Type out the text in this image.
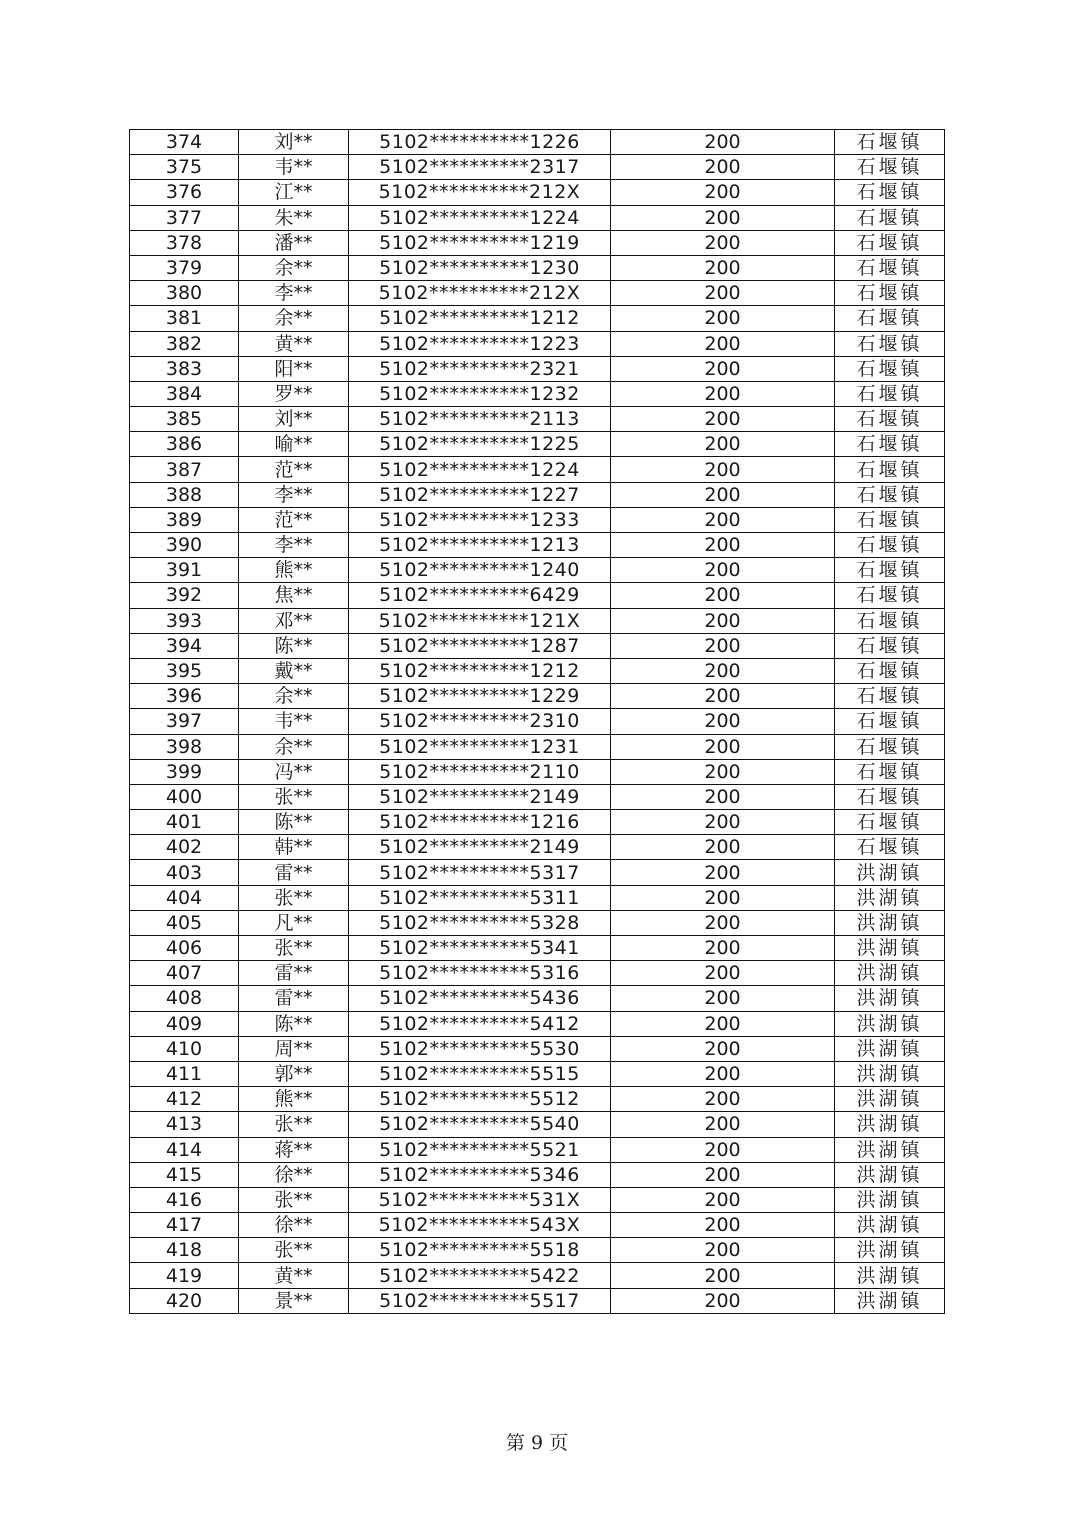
374	刘**	5102**********1226	200	石堰镇
375	韦**	5102**********2317	200	石堰镇
376	江**	5102**********212X	200	石堰镇
377	朱**	5102**********1224	200	石堰镇
378	潘**	5102**********1219	200	石堰镇
379	余**	5102**********1230	200	石堰镇
380	李**	5102**********212X	200	石堰镇
381	余**	5102**********1212	200	石堰镇
382	黄**	5102**********1223	200	石堰镇
383	阳**	5102**********2321	200	石堰镇
384	罗**	5102**********1232	200	石堰镇
385	刘**	5102**********2113	200	石堰镇
386	喻**	5102**********1225	200	石堰镇
387	范**	5102**********1224	200	石堰镇
388	李**	5102**********1227	200	石堰镇
389	范**	5102**********1233	200	石堰镇
390	李**	5102**********1213	200	石堰镇
391	熊**	5102**********1240	200	石堰镇
392	焦**	5102**********6429	200	石堰镇
393	邓**	5102**********121X	200	石堰镇
394	陈**	5102**********1287	200	石堰镇
395	戴**	5102**********1212	200	石堰镇
396	余**	5102**********1229	200	石堰镇
397	韦**	5102**********2310	200	石堰镇
398	余**	5102**********1231	200	石堰镇
399	冯**	5102**********2110	200	石堰镇
400	张**	5102**********2149	200	石堰镇
401	陈**	5102**********1216	200	石堰镇
402	韩**	5102**********2149	200	石堰镇
403	雷**	5102**********5317	200	洪湖镇
404	张**	5102**********5311	200	洪湖镇
405	凡**	5102**********5328	200	洪湖镇
406	张**	5102**********5341	200	洪湖镇
407	雷**	5102**********5316	200	洪湖镇
408	雷**	5102**********5436	200	洪湖镇
409	陈**	5102**********5412	200	洪湖镇
410	周**	5102**********5530	200	洪湖镇
411	郭**	5102**********5515	200	洪湖镇
412	熊**	5102**********5512	200	洪湖镇
413	张**	5102**********5540	200	洪湖镇
414	蒋**	5102**********5521	200	洪湖镇
415	徐**	5102**********5346	200	洪湖镇
416	张**	5102**********531X	200	洪湖镇
417	徐**	5102**********543X	200	洪湖镇
418	张**	5102**********5518	200	洪湖镇
419	黄**	5102**********5422	200	洪湖镇
420	景**	5102**********5517	200	洪湖镇
第 9 页
